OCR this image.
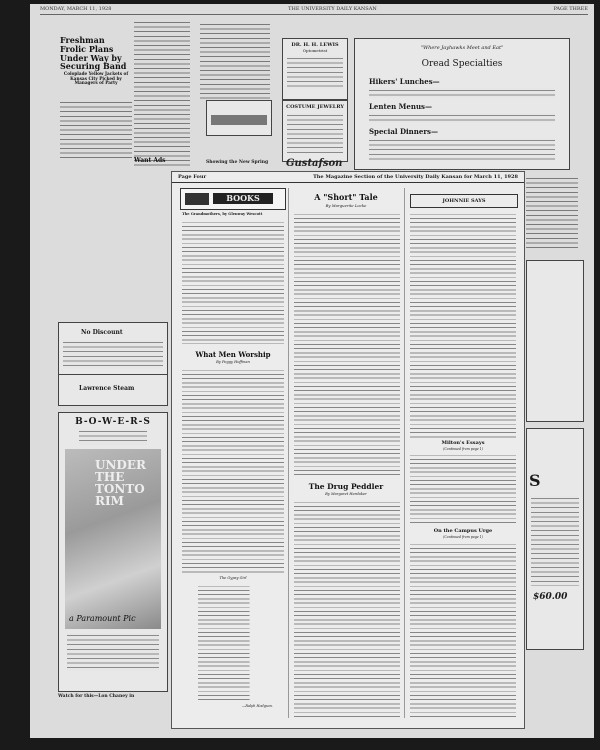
MONDAY, MARCH 11, 1928	THE UNIVERSITY DAILY KANSAN	PAGE THREE
Freshman Frolic Plans Under Way by Securing Band
Coloplade Yellow Jackets of Kansas City Picked by Managers of Party
Want Ads	Showing the New Spring
DR. H. H. LEWIS
Optometrist
COSTUME JEWELRY
Gustafson
"Where Jayhawks Meet and Eat"
Oread Specialties
Hikers' Lunches—
Lenten Menus—
Special Dinners—
No Discount
Lawrence Steam
B-O-W-E-R-S
UNDER THE TONTO RIM
a Paramount Pic
Watch for this—Lon Chaney in
S
$60.00
Page Four	The Magazine Section of the University Daily Kansan for March 11, 1928
BOOKS
The Grandmothers, by Glenway Wescott
What Men Worship
By Peggy Hoffman
The Gypsy Girl
—Ralph Hodgson.
A "Short" Tale
By Marguerite Locke
The Drug Peddler
By Margaret Hardaker
JOHNNIE SAYS
Milton's Essays
(Continued from page 1)
On the Campus Urge
(Continued from page 1)
